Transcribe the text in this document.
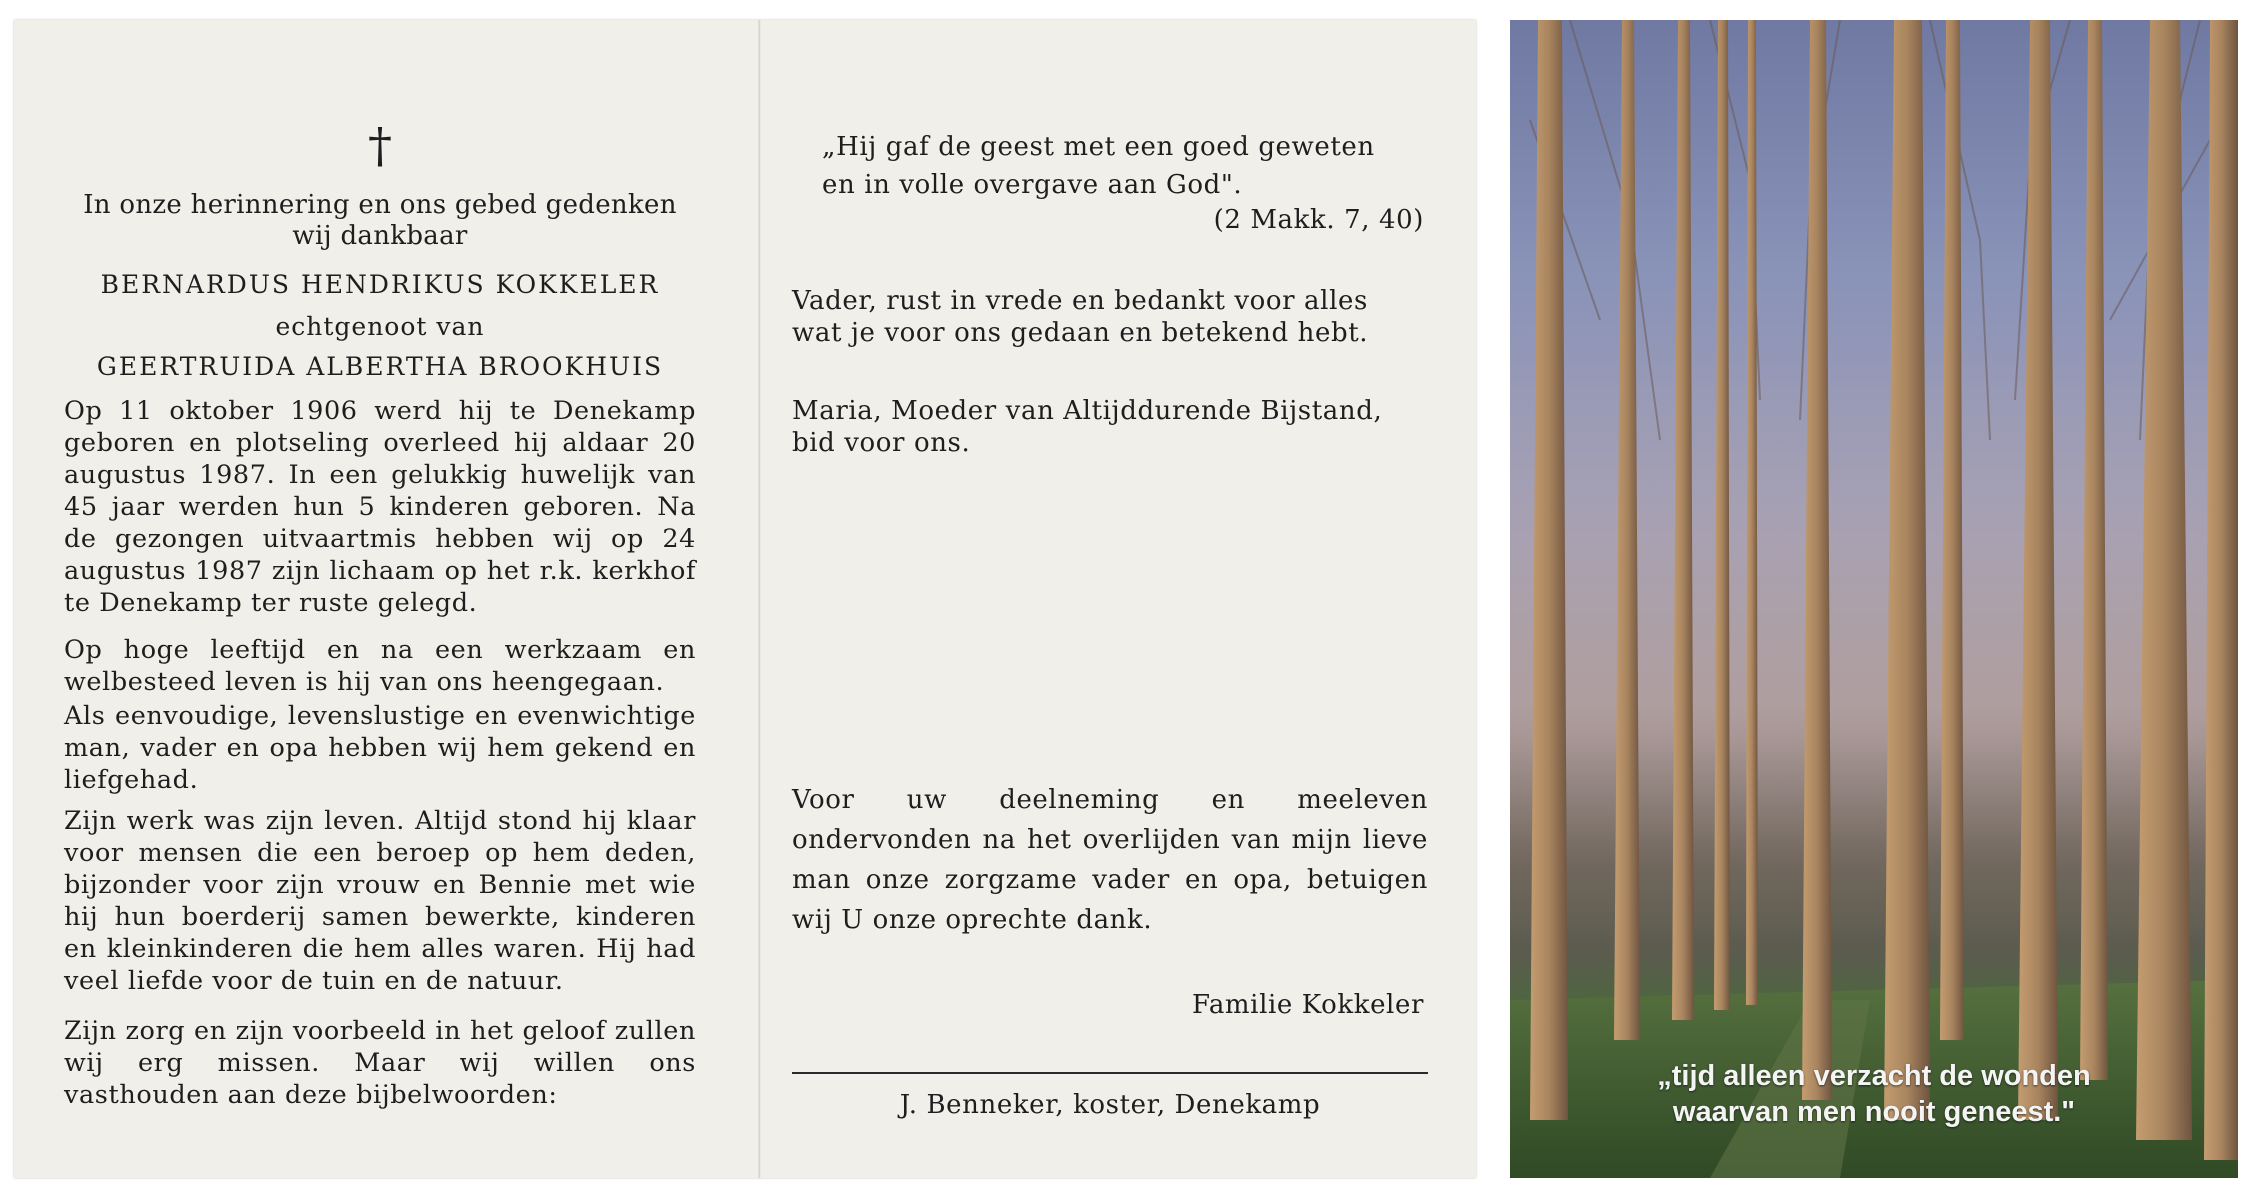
†
In onze herinnering en ons gebed gedenken
wij dankbaar
BERNARDUS HENDRIKUS KOKKELER
echtgenoot van
GEERTRUIDA ALBERTHA BROOKHUIS
Op 11 oktober 1906 werd hij te Denekamp geboren en plotseling overleed hij aldaar 20 augustus 1987. In een gelukkig huwelijk van 45 jaar werden hun 5 kinderen geboren. Na de gezongen uitvaartmis hebben wij op 24 augustus 1987 zijn lichaam op het r.k. kerkhof te Denekamp ter ruste gelegd.
Op hoge leeftijd en na een werkzaam en welbesteed leven is hij van ons heengegaan.
Als eenvoudige, levenslustige en evenwichtige man, vader en opa hebben wij hem gekend en liefgehad.
Zijn werk was zijn leven. Altijd stond hij klaar voor mensen die een beroep op hem deden, bijzonder voor zijn vrouw en Bennie met wie hij hun boerderij samen bewerkte, kinderen en kleinkinderen die hem alles waren. Hij had veel liefde voor de tuin en de natuur.
Zijn zorg en zijn voorbeeld in het geloof zullen wij erg missen. Maar wij willen ons vasthouden aan deze bijbelwoorden:
„Hij gaf de geest met een goed geweten
en in volle overgave aan God".
(2 Makk. 7, 40)
Vader, rust in vrede en bedankt voor alles wat je voor ons gedaan en betekend hebt.
Maria, Moeder van Altijddurende Bijstand, bid voor ons.
Voor uw deelneming en meeleven ondervonden na het overlijden van mijn lieve man onze zorgzame vader en opa, betuigen wij U onze oprechte dank.
Familie Kokkeler
J. Benneker, koster, Denekamp
„tijd alleen verzacht de wonden
waarvan men nooit geneest."
